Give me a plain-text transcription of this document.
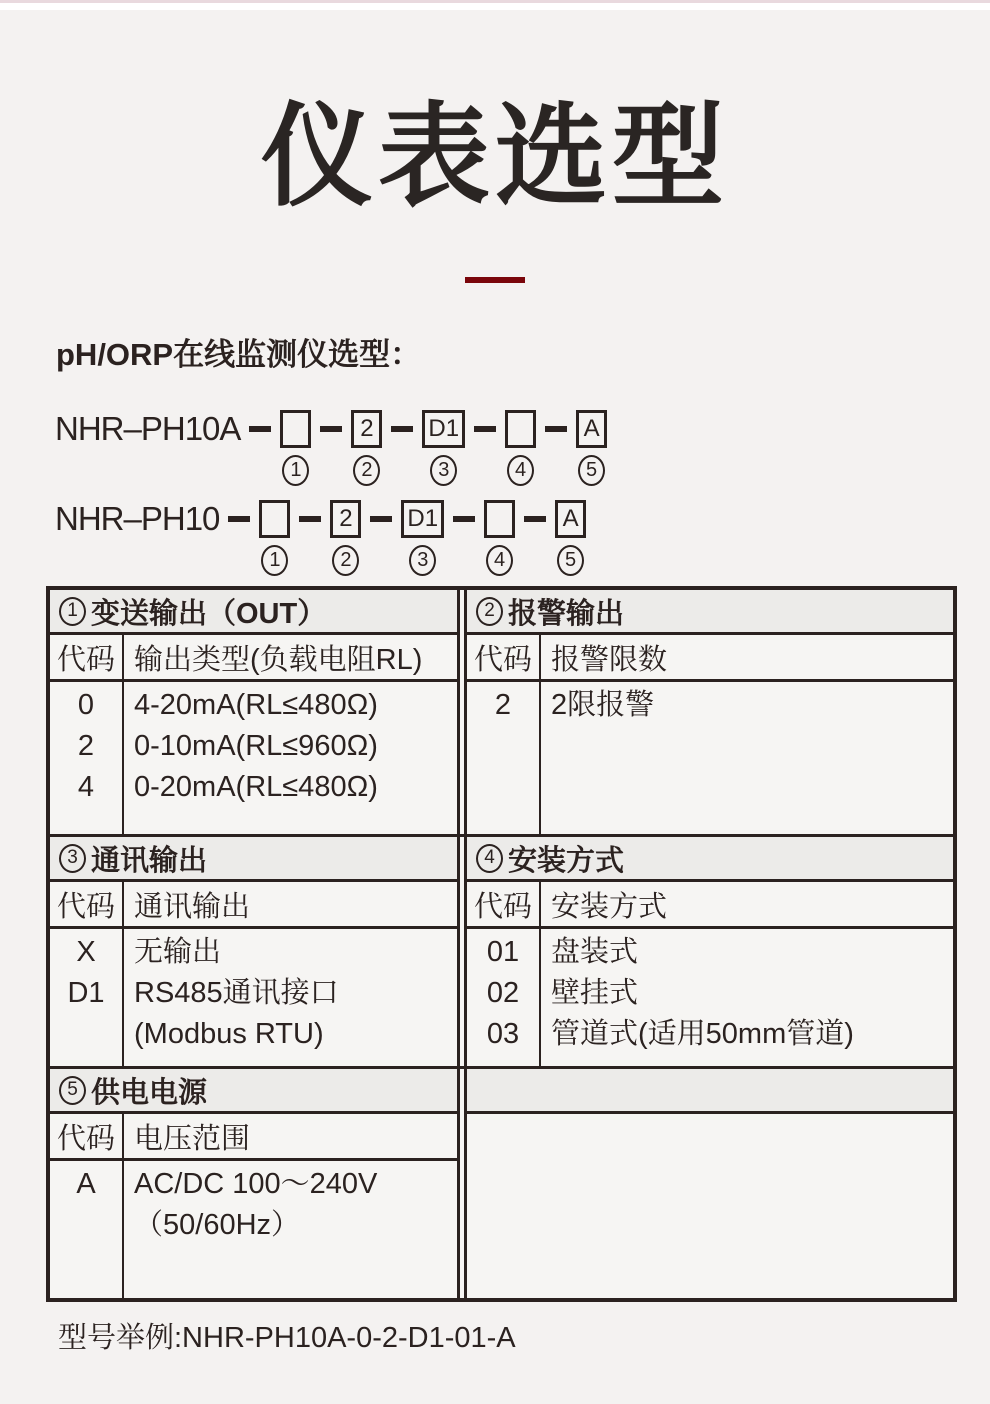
仪表选型
pH/ORP在线监测仪选型：
NHR–PH10A
1
2
2
D1
3	4
A
5
NHR–PH10
1
2
2
D1
3	4
A
5
1 变送输出（OUT）
代码 输出类型(负载电阻RL)
0
2
4
4-20mA(RL≤480Ω)
0-10mA(RL≤960Ω)
0-20mA(RL≤480Ω)
2 报警输出
代码 报警限数
2 2限报警
3 通讯输出
代码 通讯输出
X
D1
无输出
RS485通讯接口
(Modbus RTU)
4 安装方式
代码 安装方式
01
02
03
盘装式
壁挂式
管道式(适用50mm管道)
5 供电电源
代码 电压范围
A AC/DC 100～240V
（50/60Hz）
型号举例:NHR-PH10A-0-2-D1-01-A
